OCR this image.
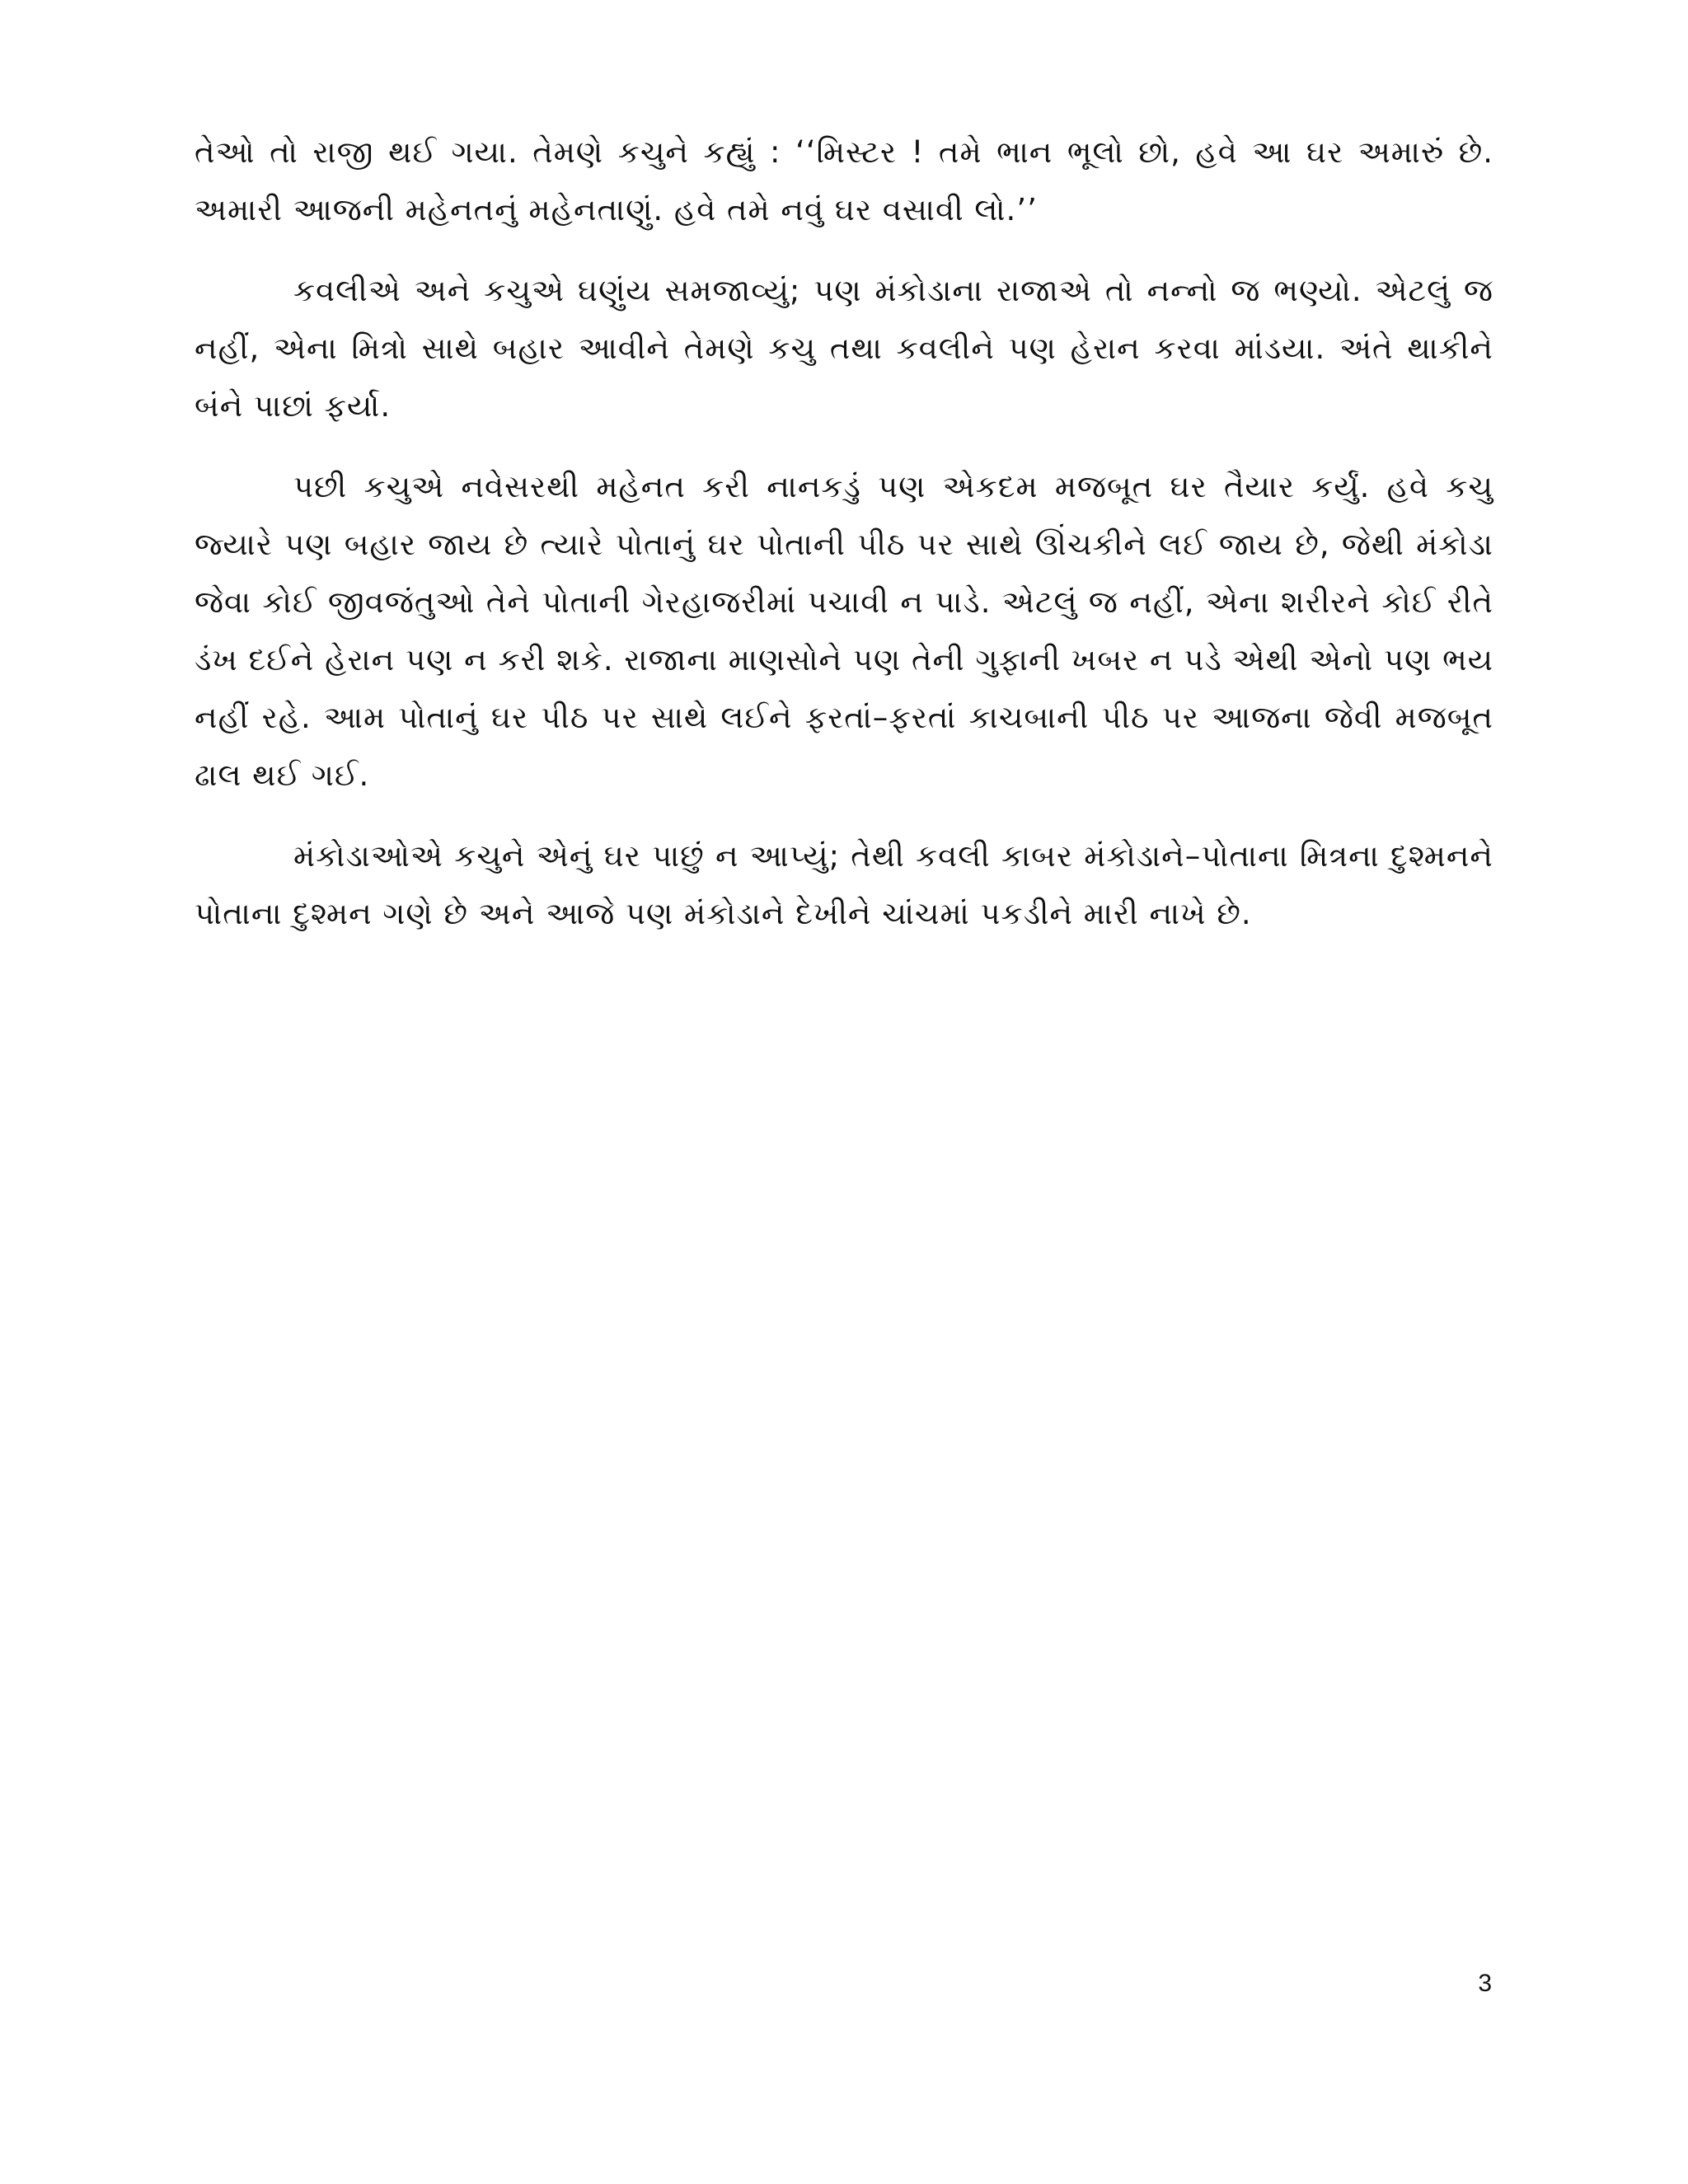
તેઓ તો રાજી થઈ ગયા. તેમણે કચુને કહ્યું : ‘‘મિસ્ટર ! તમે ભાન ભૂલો છો, હવે આ ઘર અમારું છે. અમારી આજની મહેનતનું મહેનતાણું. હવે તમે નવું ઘર વસાવી લો.’’

કવલીએ અને કચુએ ઘણુંય સમજાવ્યું; પણ મંકોડાના રાજાએ તો નન્નો જ ભણ્યો. એટલું જ નહીં, એના મિત્રો સાથે બહાર આવીને તેમણે કચુ તથા કવલીને પણ હેરાન કરવા માંડયા. અંતે થાકીને બંને પાછાં ફર્યા.

પછી કચુએ નવેસરથી મહેનત કરી નાનકડું પણ એકદમ મજબૂત ઘર તૈયાર કર્યું. હવે કચુ જ્યારે પણ બહાર જાય છે ત્યારે પોતાનું ઘર પોતાની પીઠ પર સાથે ઊંચકીને લઈ જાય છે, જેથી મંકોડા જેવા કોઈ જીવજંતુઓ તેને પોતાની ગેરહાજરીમાં પચાવી ન પાડે. એટલું જ નહીં, એના શરીરને કોઈ રીતે ડંખ દઈને હેરાન પણ ન કરી શકે. રાજાના માણસોને પણ તેની ગુફાની ખબર ન પડે એથી એનો પણ ભય નહીં રહે. આમ પોતાનું ઘર પીઠ પર સાથે લઈને ફરતાં–ફરતાં કાચબાની પીઠ પર આજના જેવી મજબૂત ઢાલ થઈ ગઈ.

મંકોડાઓએ કચુને એનું ઘર પાછું ન આપ્યું; તેથી કવલી કાબર મંકોડાને–પોતાના મિત્રના દુશ્મનને પોતાના દુશ્મન ગણે છે અને આજે પણ મંકોડાને દેખીને ચાંચમાં પકડીને મારી નાખે છે.

3
